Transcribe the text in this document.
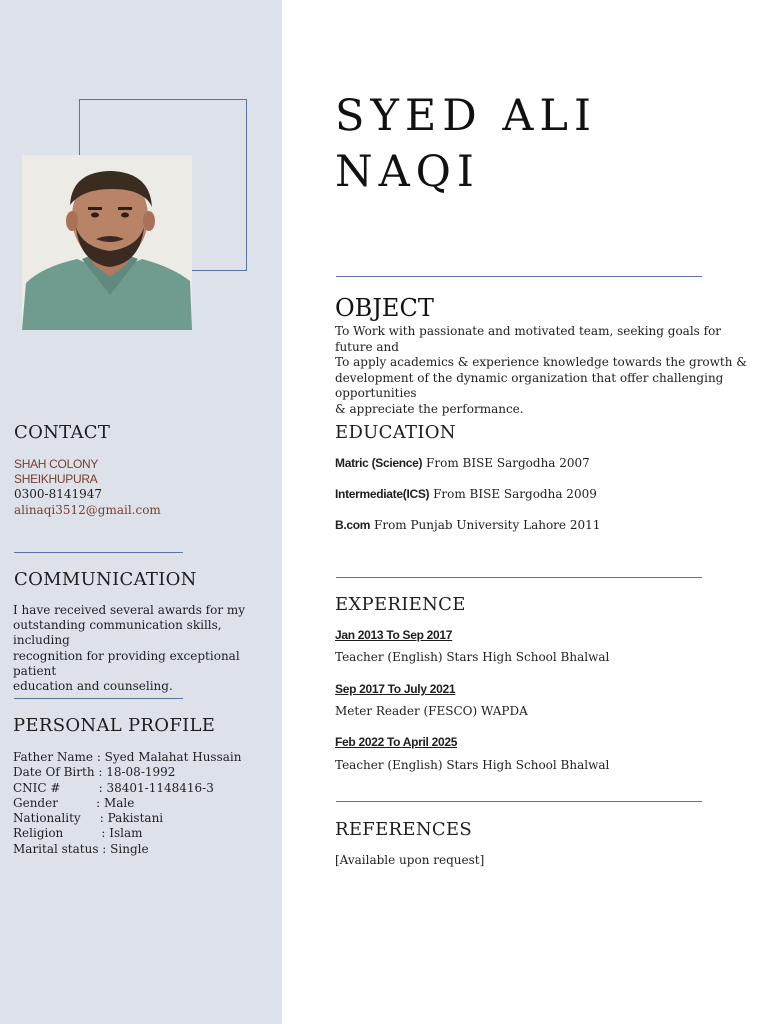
CONTACT
SHAH COLONY
SHEIKHUPURA
0300-8141947
alinaqi3512@gmail.com
COMMUNICATION
I have received several awards for my
outstanding communication skills, including
recognition for providing exceptional patient
education and counseling.
PERSONAL PROFILE
Father Name : Syed Malahat Hussain
Date Of Birth : 18-08-1992
CNIC #          : 38401-1148416-3
Gender          : Male
Nationality     : Pakistani
Religion          : Islam
Marital status : Single
SYED ALI
NAQI
OBJECT
To Work with passionate and motivated team, seeking goals for future and
To apply academics & experience knowledge towards the growth &
development of the dynamic organization that offer challenging opportunities
& appreciate the performance.
EDUCATION
Matric (Science) From BISE Sargodha 2007
Intermediate(ICS) From BISE Sargodha 2009
B.com From Punjab University Lahore 2011
EXPERIENCE
Jan 2013 To Sep 2017
Teacher (English) Stars High School Bhalwal
Sep 2017 To July 2021
Meter Reader (FESCO) WAPDA
Feb 2022 To April 2025
Teacher (English) Stars High School Bhalwal
REFERENCES
[Available upon request]
